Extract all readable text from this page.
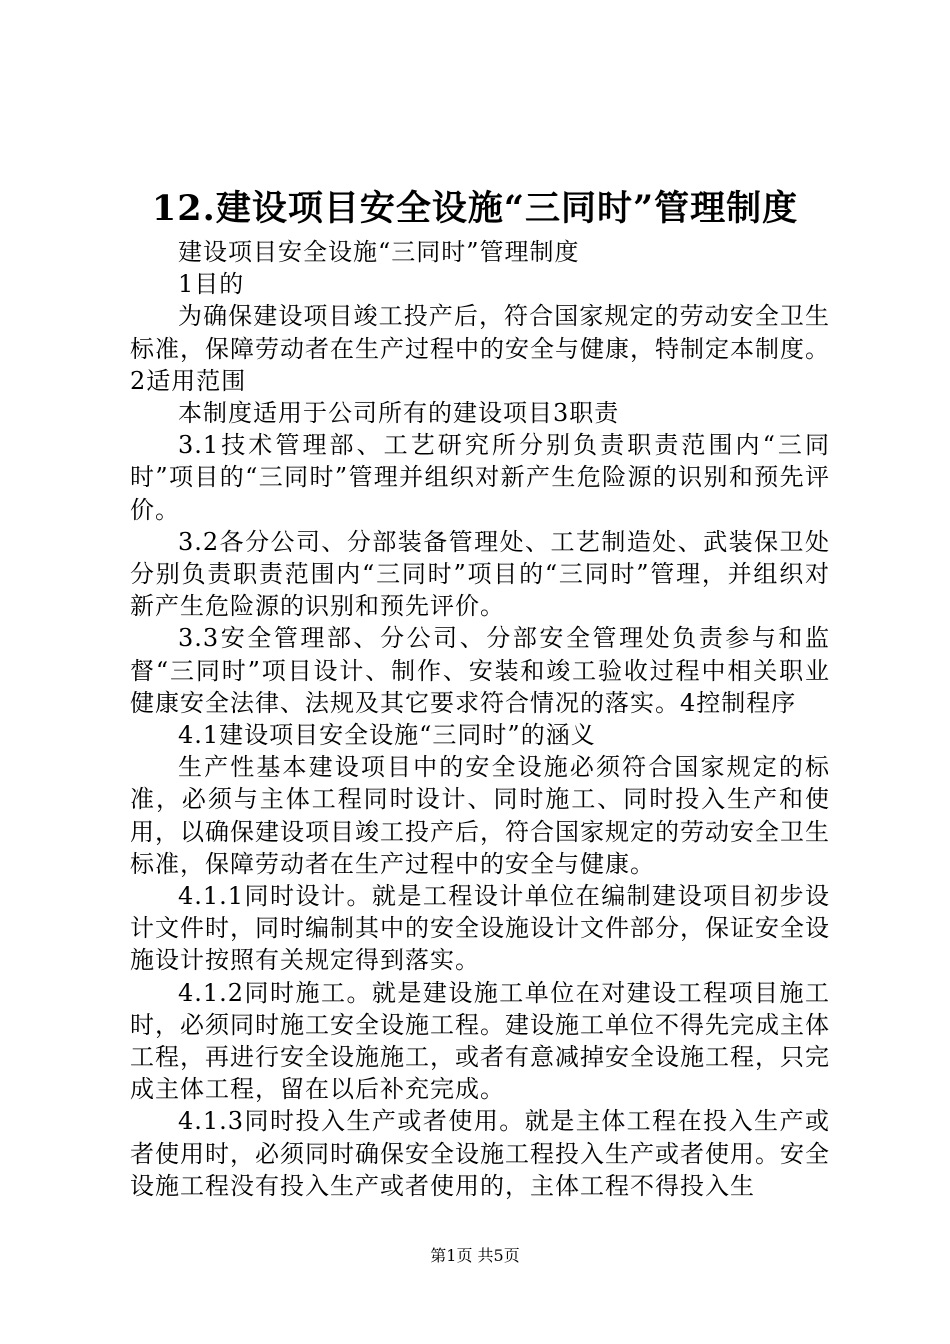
12.建设项目安全设施“三同时”管理制度

建设项目安全设施“三同时”管理制度

1目的

为确保建设项目竣工投产后，符合国家规定的劳动安全卫生标准，保障劳动者在生产过程中的安全与健康，特制定本制度。2适用范围

本制度适用于公司所有的建设项目3职责

3.1技术管理部、工艺研究所分别负责职责范围内“三同时”项目的“三同时”管理并组织对新产生危险源的识别和预先评价。

3.2各分公司、分部装备管理处、工艺制造处、武装保卫处分别负责职责范围内“三同时”项目的“三同时”管理，并组织对新产生危险源的识别和预先评价。

3.3安全管理部、分公司、分部安全管理处负责参与和监督“三同时”项目设计、制作、安装和竣工验收过程中相关职业健康安全法律、法规及其它要求符合情况的落实。4控制程序

4.1建设项目安全设施“三同时”的涵义

生产性基本建设项目中的安全设施必须符合国家规定的标准，必须与主体工程同时设计、同时施工、同时投入生产和使用，以确保建设项目竣工投产后，符合国家规定的劳动安全卫生标准，保障劳动者在生产过程中的安全与健康。

4.1.1同时设计。就是工程设计单位在编制建设项目初步设计文件时，同时编制其中的安全设施设计文件部分，保证安全设施设计按照有关规定得到落实。

4.1.2同时施工。就是建设施工单位在对建设工程项目施工时，必须同时施工安全设施工程。建设施工单位不得先完成主体工程，再进行安全设施施工，或者有意减掉安全设施工程，只完成主体工程，留在以后补充完成。

4.1.3同时投入生产或者使用。就是主体工程在投入生产或者使用时，必须同时确保安全设施工程投入生产或者使用。安全设施工程没有投入生产或者使用的，主体工程不得投入生

第1页 共5页
